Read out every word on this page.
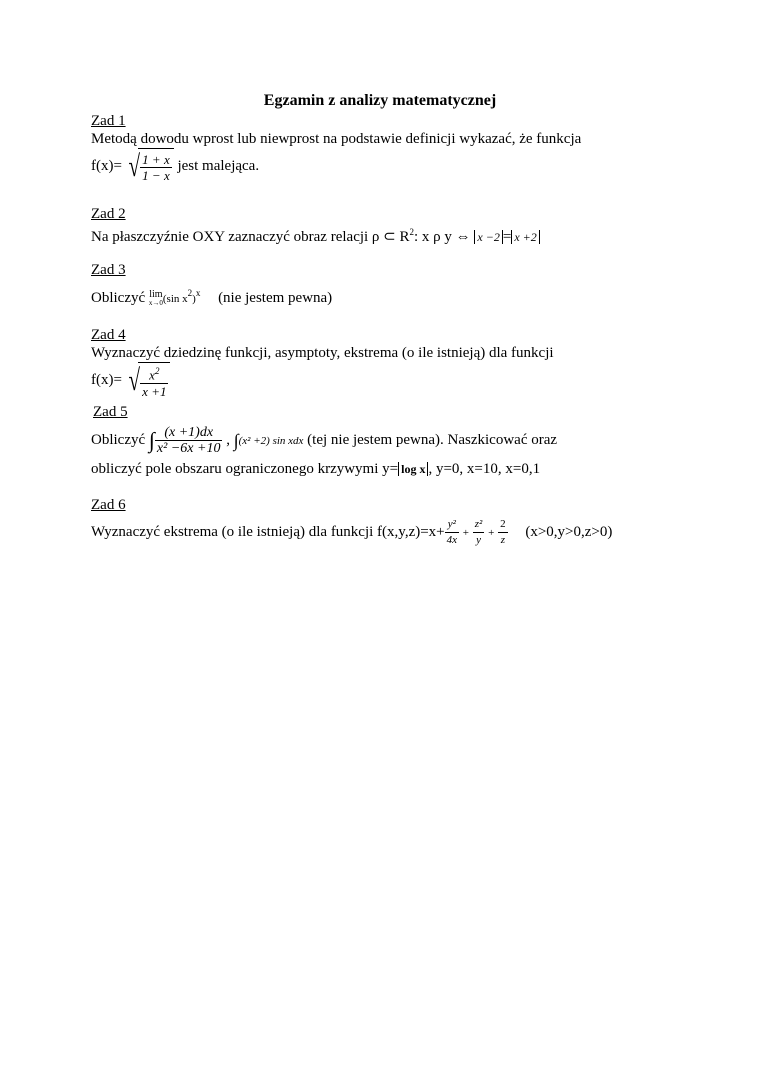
Egzamin z analizy matematycznej
Zad 1
Metodą dowodu wprost lub niewprost na podstawie definicji wykazać, że funkcja
f(x)= √ $\frac{1 + x}{1 - x}$ jest malejąca.
Zad 2
Na płaszczyźnie OXY zaznaczyć obraz relacji ρ ⊂ $R^2$: x ρ y ⇔ x −2 = x +2
Zad 3
Obliczyć lim
x→0 (sin $x^2)^x$ (nie jestem pewna)
Zad 4
Wyznaczyć dziedzinę funkcji, asymptoty, ekstrema (o ile istnieją) dla funkcji
f(x)= √ $\frac{x^2}{x +1}$
Zad 5
Obliczyć ∫ $\frac{(x +1)dx}{\text{x² −6x +10}}$ , ∫(x² +2) sin xdx (tej nie jestem pewna). Naszkicować oraz
obliczyć pole obszaru ograniczonego krzywymi y= log x , y=0, x=10, x=0,1
Zad 6
Wyznaczyć ekstrema (o ile istnieją) dla funkcji $f(x,y,z)=x+ \frac{\text{y²}}{4x} + \frac{\text{z²}}{y} + \frac{2}{z} (x>0,y>0,z>0)$
